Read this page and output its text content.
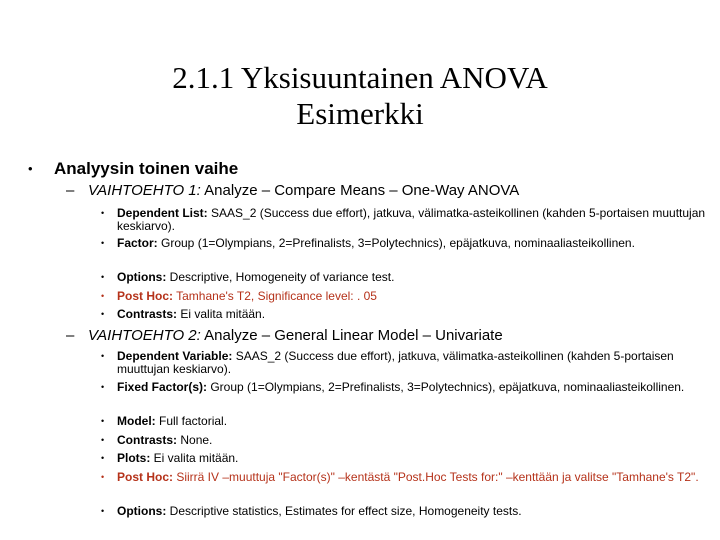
2.1.1 Yksisuuntainen ANOVA
Esimerkki
• Analyysin toinen vaihe
– VAIHTOEHTO 1: Analyze – Compare Means – One-Way ANOVA
• Dependent List: SAAS_2 (Success due effort), jatkuva, välimatka-asteikollinen (kahden 5-portaisen muuttujan keskiarvo).
• Factor: Group (1=Olympians, 2=Prefinalists, 3=Polytechnics), epäjatkuva, nominaaliasteikollinen.
• Options: Descriptive, Homogeneity of variance test.
• Post Hoc: Tamhane's T2, Significance level: . 05
• Contrasts: Ei valita mitään.
– VAIHTOEHTO 2: Analyze – General Linear Model – Univariate
• Dependent Variable: SAAS_2 (Success due effort), jatkuva, välimatka-asteikollinen (kahden 5-portaisen muuttujan keskiarvo).
• Fixed Factor(s): Group (1=Olympians, 2=Prefinalists, 3=Polytechnics), epäjatkuva, nominaaliasteikollinen.
• Model: Full factorial.
• Contrasts: None.
• Plots: Ei valita mitään.
• Post Hoc: Siirrä IV –muuttuja "Factor(s)" –kentästä "Post.Hoc Tests for:" –kenttään ja valitse "Tamhane's T2".
• Options: Descriptive statistics, Estimates for effect size, Homogeneity tests.
